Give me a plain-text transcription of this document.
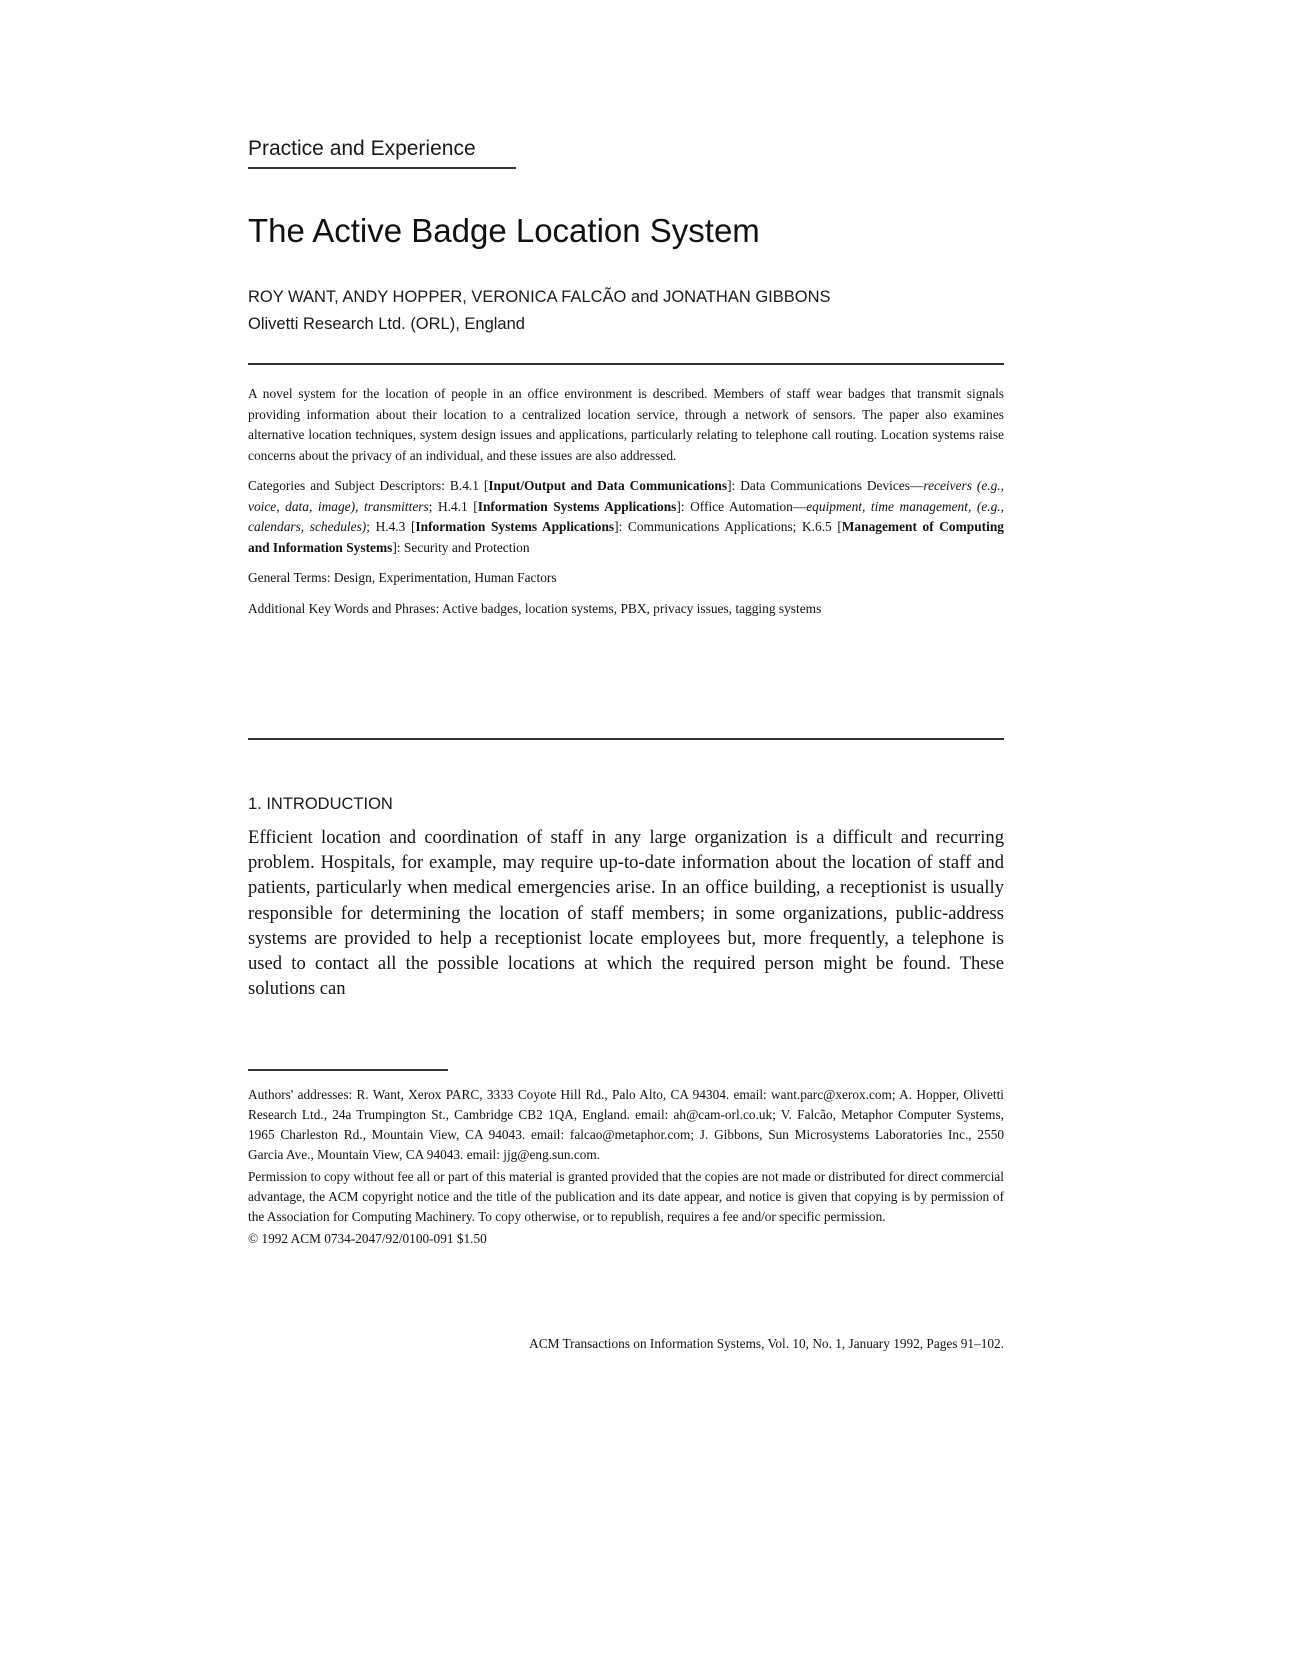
Practice and Experience
The Active Badge Location System

ROY WANT, ANDY HOPPER, VERONICA FALCÃO and JONATHAN GIBBONS

Olivetti Research Ltd. (ORL), England

A novel system for the location of people in an office environment is described. Members of staff wear badges that transmit signals providing information about their location to a centralized location service, through a network of sensors. The paper also examines alternative location techniques, system design issues and applications, particularly relating to telephone call routing. Location systems raise concerns about the privacy of an individual, and these issues are also addressed.

Categories and Subject Descriptors: B.4.1 [Input/Output and Data Communications]: Data Communications Devices—receivers (e.g., voice, data, image), transmitters; H.4.1 [Information Systems Applications]: Office Automation—equipment, time management, (e.g., calendars, schedules); H.4.3 [Information Systems Applications]: Communications Applications; K.6.5 [Management of Computing and Information Systems]: Security and Protection

General Terms: Design, Experimentation, Human Factors

Additional Key Words and Phrases: Active badges, location systems, PBX, privacy issues, tagging systems

1. INTRODUCTION

Efficient location and coordination of staff in any large organization is a difficult and recurring problem. Hospitals, for example, may require up-to-date information about the location of staff and patients, particularly when medical emergencies arise. In an office building, a receptionist is usually responsible for determining the location of staff members; in some organizations, public-address systems are provided to help a receptionist locate employees but, more frequently, a telephone is used to contact all the possible locations at which the required person might be found. These solutions can

Authors' addresses: R. Want, Xerox PARC, 3333 Coyote Hill Rd., Palo Alto, CA 94304. email: want.parc@xerox.com; A. Hopper, Olivetti Research Ltd., 24a Trumpington St., Cambridge CB2 1QA, England. email: ah@cam-orl.co.uk; V. Falcão, Metaphor Computer Systems, 1965 Charleston Rd., Mountain View, CA 94043. email: falcao@metaphor.com; J. Gibbons, Sun Microsystems Laboratories Inc., 2550 Garcia Ave., Mountain View, CA 94043. email: jjg@eng.sun.com.

Permission to copy without fee all or part of this material is granted provided that the copies are not made or distributed for direct commercial advantage, the ACM copyright notice and the title of the publication and its date appear, and notice is given that copying is by permission of the Association for Computing Machinery. To copy otherwise, or to republish, requires a fee and/or specific permission.

© 1992 ACM 0734-2047/92/0100-091 $1.50

ACM Transactions on Information Systems, Vol. 10, No. 1, January 1992, Pages 91–102.
